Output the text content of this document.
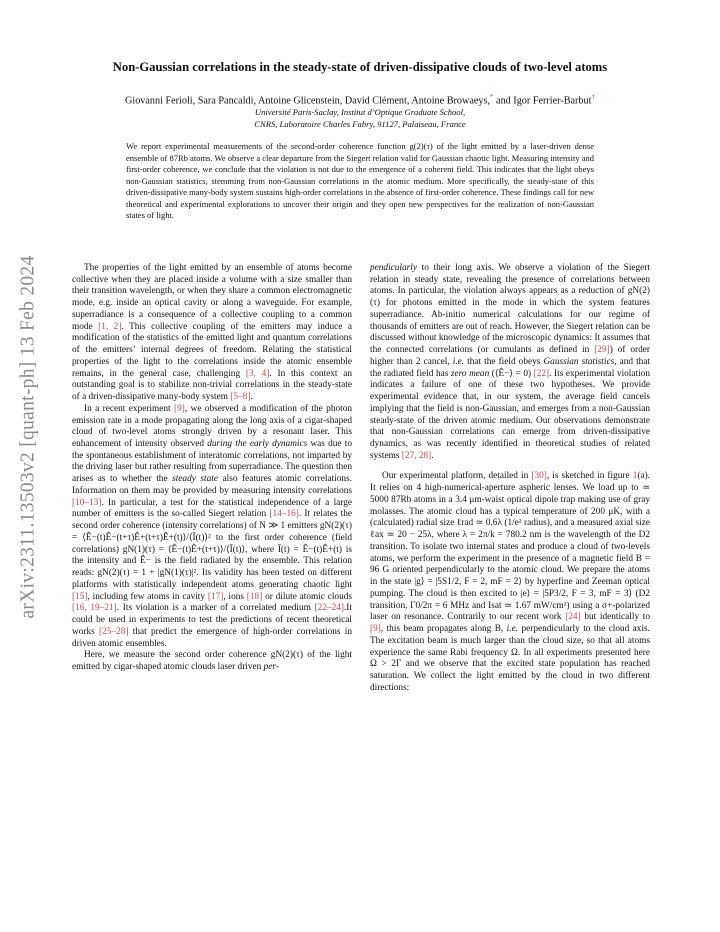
arXiv:2311.13503v2 [quant-ph] 13 Feb 2024
Non-Gaussian correlations in the steady-state of driven-dissipative clouds of two-level atoms

Giovanni Ferioli, Sara Pancaldi, Antoine Glicenstein, David Clément, Antoine Browaeys,* and Igor Ferrier-Barbut†

Université Paris-Saclay, Institut d’Optique Graduate School,

CNRS, Laboratoire Charles Fabry, 91127, Palaiseau, France

We report experimental measurements of the second-order coherence function g(2)(τ) of the light emitted by a laser-driven dense ensemble of 87Rb atoms. We observe a clear departure from the Siegert relation valid for Gaussian chaotic light. Measuring intensity and first-order coherence, we conclude that the violation is not due to the emergence of a coherent field. This indicates that the light obeys non-Gaussian statistics, stemming from non-Gaussian correlations in the atomic medium. More specifically, the steady-state of this driven-dissipative many-body system sustains high-order correlations in the absence of first-order coherence. These findings call for new theoretical and experimental explorations to uncover their origin and they open new perspectives for the realization of non-Gaussian states of light.

The properties of the light emitted by an ensemble of atoms become collective when they are placed inside a volume with a size smaller than their transition wavelength, or when they share a common electromagnetic mode, e.g. inside an optical cavity or along a waveguide. For example, superradiance is a consequence of a collective coupling to a common mode [1, 2]. This collective coupling of the emitters may induce a modification of the statistics of the emitted light and quantum correlations of the emitters’ internal degrees of freedom. Relating the statistical properties of the light to the correlations inside the atomic ensemble remains, in the general case, challenging [3, 4]. In this context an outstanding goal is to stabilize non-trivial correlations in the steady-state of a driven-dissipative many-body system [5–8].

In a recent experiment [9], we observed a modification of the photon emission rate in a mode propagating along the long axis of a cigar-shaped cloud of two-level atoms strongly driven by a resonant laser. This enhancement of intensity observed during the early dynamics was due to the spontaneous establishment of interatomic correlations, not imparted by the driving laser but rather resulting from superradiance. The question then arises as to whether the steady state also features atomic correlations. Information on them may be provided by measuring intensity correlations [10–13]. In particular, a test for the statistical independence of a large number of emitters is the so-called Siegert relation [14–16]. It relates the second order coherence (intensity correlations) of N ≫ 1 emitters gN(2)(τ) = ⟨Ê−(t)Ê−(t+τ)Ê+(t+τ)Ê+(t)⟩/⟨Ī(t)⟩² to the first order coherence (field correlations) gN(1)(τ) = ⟨Ê−(t)Ê+(t+τ)⟩/⟨Ī(t)⟩, where Ī(t) = Ê−(t)Ê+(t) is the intensity and Ê− is the field radiated by the ensemble. This relation reads: gN(2)(τ) = 1 + |gN(1)(τ)|². Its validity has been tested on different platforms with statistically independent atoms generating chaotic light [15], including few atoms in cavity [17], ions [18] or dilute atomic clouds [16, 19–21]. Its violation is a marker of a correlated medium [22–24].It could be used in experiments to test the predictions of recent theoretical works [25–28] that predict the emergence of high-order correlations in driven atomic ensembles.

Here, we measure the second order coherence gN(2)(τ) of the light emitted by cigar-shaped atomic clouds laser driven per-

pendicularly to their long axis. We observe a violation of the Siegert relation in steady state, revealing the presence of correlations between atoms. In particular, the violation always appears as a reduction of gN(2)(τ) for photons emitted in the mode in which the system features superradiance. Ab-initio numerical calculations for our regime of thousands of emitters are out of reach. However, the Siegert relation can be discussed without knowledge of the microscopic dynamics: It assumes that the connected correlations (or cumulants as defined in [29]) of order higher than 2 cancel, i.e. that the field obeys Gaussian statistics, and that the radiated field has zero mean (⟨Ê−⟩ = 0) [22]. Its experimental violation indicates a failure of one of these two hypotheses. We provide experimental evidence that, in our system, the average field cancels implying that the field is non-Gaussian, and emerges from a non-Gaussian steady-state of the driven atomic medium. Our observations demonstrate that non-Gaussian correlations can emerge from driven-dissipative dynamics, as was recently identified in theoretical studies of related systems [27, 28].

Our experimental platform, detailed in [30], is sketched in figure 1(a). It relies on 4 high-numerical-aperture aspheric lenses. We load up to ≃ 5000 87Rb atoms in a 3.4 μm-waist optical dipole trap making use of gray molasses. The atomic cloud has a typical temperature of 200 μK, with a (calculated) radial size ℓrad ≃ 0.6λ (1/e² radius), and a measured axial size ℓax ≃ 20 − 25λ, where λ = 2π/k = 780.2 nm is the wavelength of the D2 transition. To isolate two internal states and produce a cloud of two-levels atoms, we perform the experiment in the presence of a magnetic field B = 96 G oriented perpendicularly to the atomic cloud. We prepare the atoms in the state |g⟩ = |5S1/2, F = 2, mF = 2⟩ by hyperfine and Zeeman optical pumping. The cloud is then excited to |e⟩ = |5P3/2, F = 3, mF = 3⟩ (D2 transition, Γ0/2π = 6 MHz and Isat ≃ 1.67 mW/cm²) using a σ+-polarized laser on resonance. Contrarily to our recent work [24] but identically to [9], this beam propagates along B, i.e. perpendicularly to the cloud axis. The excitation beam is much larger than the cloud size, so that all atoms experience the same Rabi frequency Ω. In all experiments presented here Ω > 2Γ and we observe that the excited state population has reached saturation. We collect the light emitted by the cloud in two different directions:
